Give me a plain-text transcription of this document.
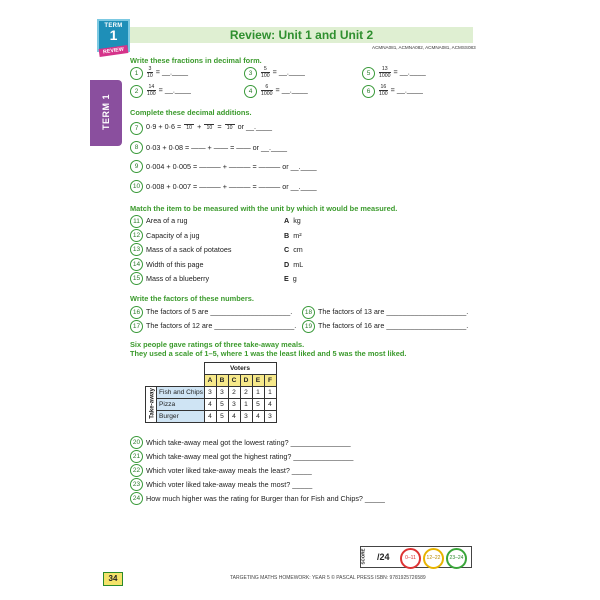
TERM
1
REVIEW
TERM 1
Review: Unit 1 and Unit 2
ACMNA081, ACMNA082, ACMNA081, ACMSS083
Write these fractions in decimal form.
1	$\frac{3}{10}$ = __.____	3	$\frac{5}{100}$ = __.____	5	$\frac{13}{1000}$ = __.____
2	$\frac{14}{100}$ = __.____	4	$\frac{6}{1000}$ = __.____	6	$\frac{16}{100}$ = __.____
Complete these decimal additions.
7	0·9 + 0·6 = 10 + 10 = 10 or __.____
8	0·03 + 0·08 = —— + —— = —— or __.____
9	0·004 + 0·005 = ——— + ——— = ——— or __.____
10 0·008 + 0·007 = ——— + ——— = ——— or __.____
Match the item to be measured with the unit by which it would be measured.
11 Area of a rug	A kg
12 Capacity of a jug	B m²
13 Mass of a sack of potatoes	C cm
14 Width of this page	D mL
15 Mass of a blueberry	E g
Write the factors of these numbers.
16 The factors of 5 are ____________________.	18 The factors of 13 are ____________________.
17 The factors of 12 are ____________________.	19 The factors of 16 are ____________________.
Six people gave ratings of three take-away meals.
They used a scale of 1–5, where 1 was the least liked and 5 was the most liked.
		Voters					
		A	B	C	D	E	F

Take-away	Fish and Chips	3	3	2	2	1	1
	Pizza	4	5	3	1	5	4
	Burger	4	5	4	3	4	3
20 Which take-away meal got the lowest rating? _______________
21 Which take-away meal got the highest rating? _______________
22 Which voter liked take-away meals the least? _____
23 Which voter liked take-away meals the most? _____
24 How much higher was the rating for Burger than for Fish and Chips? _____
SCORE /24	0–11	12–22	23–24
34	TARGETING MATHS HOMEWORK: YEAR 5 © PASCAL PRESS ISBN: 9781925726589
